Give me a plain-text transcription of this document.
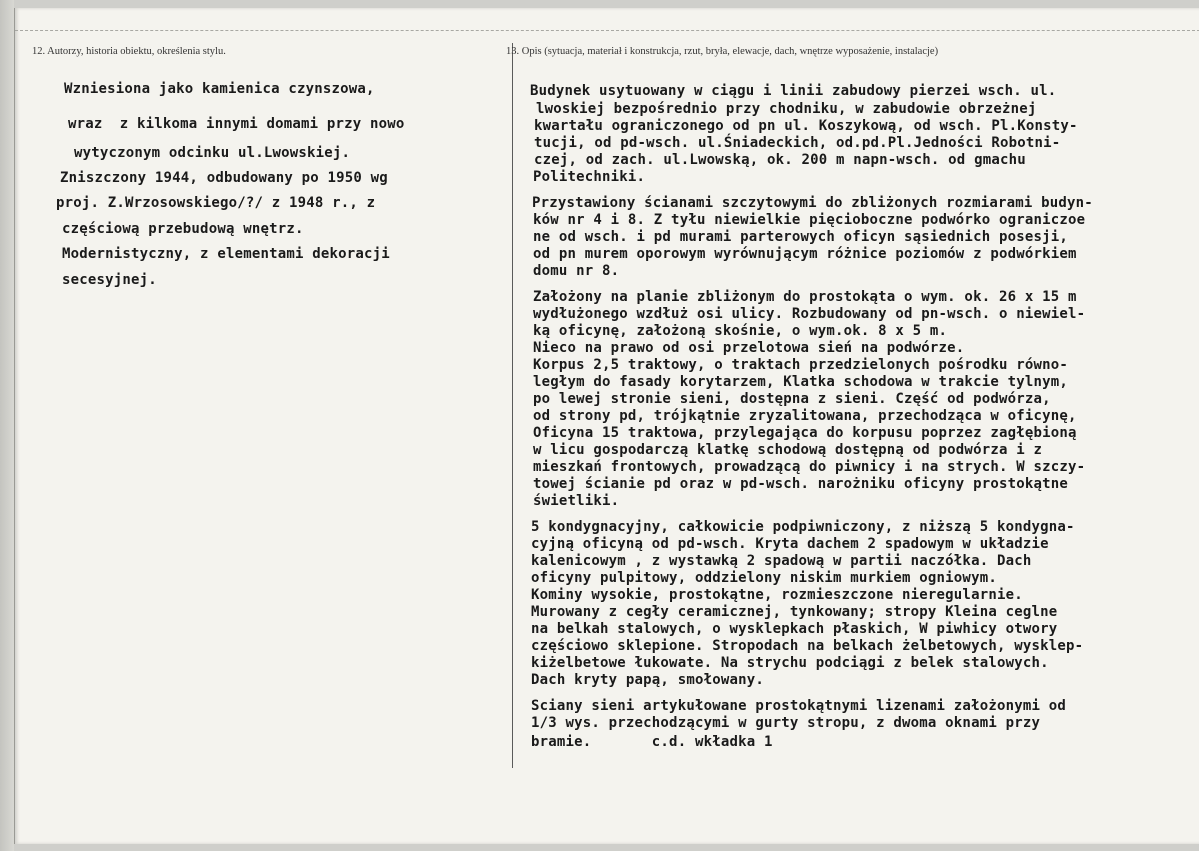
12. Autorzy, historia obiektu, określenia stylu.	13. Opis (sytuacja, materiał i konstrukcja, rzut, bryła, elewacje, dach, wnętrze wyposażenie, instalacje)
Wzniesiona jako kamienica czynszowa,
wraz  z kilkoma innymi domami przy nowo
wytyczonym odcinku ul.Lwowskiej.
Zniszczony 1944, odbudowany po 1950 wg
proj. Z.Wrzosowskiego/?/ z 1948 r., z
częściową przebudową wnętrz.
Modernistyczny, z elementami dekoracji
secesyjnej.
Budynek usytuowany w ciągu i linii zabudowy pierzei wsch. ul.
lwoskiej bezpośrednio przy chodniku, w zabudowie obrzeżnej
kwartału ograniczonego od pn ul. Koszykową, od wsch. Pl.Konsty-
tucji, od pd-wsch. ul.Śniadeckich, od.pd.Pl.Jedności Robotni-
czej, od zach. ul.Lwowską, ok. 200 m napn-wsch. od gmachu
Politechniki.
Przystawiony ścianami szczytowymi do zbliżonych rozmiarami budyn-
ków nr 4 i 8. Z tyłu niewielkie pięcioboczne podwórko ograniczoe
ne od wsch. i pd murami parterowych oficyn sąsiednich posesji,
od pn murem oporowym wyrównującym różnice poziomów z podwórkiem
domu nr 8.
Założony na planie zbliżonym do prostokąta o wym. ok. 26 x 15 m
wydłużonego wzdłuż osi ulicy. Rozbudowany od pn-wsch. o niewiel-
ką oficynę, założoną skośnie, o wym.ok. 8 x 5 m.
Nieco na prawo od osi przelotowa sień na podwórze.
Korpus 2,5 traktowy, o traktach przedzielonych pośrodku równo-
ległym do fasady korytarzem, Klatka schodowa w trakcie tylnym,
po lewej stronie sieni, dostępna z sieni. Część od podwórza,
od strony pd, trójkątnie zryzalitowana, przechodząca w oficynę,
Oficyna 15 traktowa, przylegająca do korpusu poprzez zagłębioną
w licu gospodarczą klatkę schodową dostępną od podwórza i z
mieszkań frontowych, prowadzącą do piwnicy i na strych. W szczy-
towej ścianie pd oraz w pd-wsch. narożniku oficyny prostokątne
świetliki.
5 kondygnacyjny, całkowicie podpiwniczony, z niższą 5 kondygna-
cyjną oficyną od pd-wsch. Kryta dachem 2 spadowym w układzie
kalenicowym , z wystawką 2 spadową w partii naczółka. Dach
oficyny pulpitowy, oddzielony niskim murkiem ogniowym.
Kominy wysokie, prostokątne, rozmieszczone nieregularnie.
Murowany z cegły ceramicznej, tynkowany; stropy Kleina ceglne
na belkah stalowych, o wysklepkach płaskich, W piwhicy otwory
częściowo sklepione. Stropodach na belkach żelbetowych, wysklep-
kiżelbetowe łukowate. Na strychu podciągi z belek stalowych.
Dach kryty papą, smołowany.
Sciany sieni artykułowane prostokątnymi lizenami założonymi od
1/3 wys. przechodzącymi w gurty stropu, z dwoma oknami przy
bramie.       c.d. wkładka 1
